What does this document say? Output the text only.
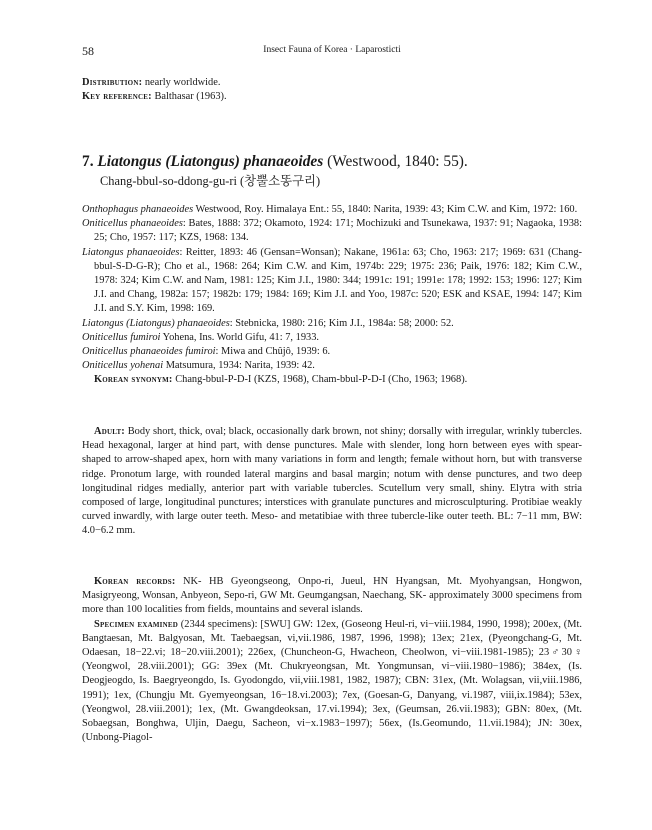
58	Insect Fauna of Korea · Laparosticti
Distribution: nearly worldwide.
Key reference: Balthasar (1963).
7. Liatongus (Liatongus) phanaeoides (Westwood, 1840: 55).
Chang-bbul-so-ddong-gu-ri (창뿔소똥구리)
Onthophagus phanaeoides Westwood, Roy. Himalaya Ent.: 55, 1840: Narita, 1939: 43; Kim C.W. and Kim, 1972: 160.
Oniticellus phanaeoides: Bates, 1888: 372; Okamoto, 1924: 171; Mochizuki and Tsunekawa, 1937: 91; Nagaoka, 1938: 25; Cho, 1957: 117; KZS, 1968: 134.
Liatongus phanaeoides: Reitter, 1893: 46 (Gensan=Wonsan); Nakane, 1961a: 63; Cho, 1963: 217; 1969: 631 (Chang-bbul-S-D-G-R); Cho et al., 1968: 264; Kim C.W. and Kim, 1974b: 229; 1975: 236; Paik, 1976: 182; Kim C.W., 1978: 324; Kim C.W. and Nam, 1981: 125; Kim J.I., 1980: 344; 1991c: 191; 1991e: 178; 1992: 153; 1996: 127; Kim J.I. and Chang, 1982a: 157; 1982b: 179; 1984: 169; Kim J.I. and Yoo, 1987c: 520; ESK and KSAE, 1994: 147; Kim J.I. and S.Y. Kim, 1998: 169.
Liatongus (Liatongus) phanaeoides: Stebnicka, 1980: 216; Kim J.I., 1984a: 58; 2000: 52.
Oniticellus fumiroi Yohena, Ins. World Gifu, 41: 7, 1933.
Oniticellus phanaeoides fumiroi: Miwa and Chûjô, 1939: 6.
Oniticellus yohenai Matsumura, 1934: Narita, 1939: 42.
Korean synonym: Chang-bbul-P-D-I (KZS, 1968), Cham-bbul-P-D-I (Cho, 1963; 1968).
Adult: Body short, thick, oval; black, occasionally dark brown, not shiny; dorsally with irregular, wrinkly tubercles. Head hexagonal, larger at hind part, with dense punctures. Male with slender, long horn between eyes with spear-shaped to arrow-shaped apex, horn with many variations in form and length; female without horn, but with transverse ridge. Pronotum large, with rounded lateral margins and basal margin; notum with dense punctures, and two deep longitudinal ridges medially, anterior part with variable tubercles. Scutellum very small, shiny. Elytra with stria composed of large, longitudinal punctures; interstices with granulate punctures and microsculpturing. Protibiae weakly curved inwardly, with large outer teeth. Meso- and metatibiae with three tubercle-like outer teeth. BL: 7−11 mm, BW: 4.0−6.2 mm.
Korean records: NK- HB Gyeongseong, Onpo-ri, Jueul, HN Hyangsan, Mt. Myohyangsan, Hongwon, Masigryeong, Wonsan, Anbyeon, Sepo-ri, GW Mt. Geumgangsan, Naechang, SK- approximately 3000 specimens from more than 100 localities from fields, mountains and several islands.
Specimen examined (2344 specimens): [SWU] GW: 12ex, (Goseong Heul-ri, vi−viii.1984, 1990, 1998); 200ex, (Mt. Bangtaesan, Mt. Balgyosan, Mt. Taebaegsan, vi,vii.1986, 1987, 1996, 1998); 13ex; 21ex, (Pyeongchang-G, Mt. Odaesan, 18−22.vi; 18−20.viii.2001); 226ex, (Chuncheon-G, Hwacheon, Cheolwon, vi−viii.1981-1985); 23♂30♀ (Yeongwol, 28.viii.2001); GG: 39ex (Mt. Chukryeongsan, Mt. Yongmunsan, vi−viii.1980−1986); 384ex, (Is. Deogjeogdo, Is. Baegryeongdo, Is. Gyodongdo, vii,viii.1981, 1982, 1987); CBN: 31ex, (Mt. Wolagsan, vii,viii.1986, 1991); 1ex, (Chungju Mt. Gyemyeongsan, 16−18.vi.2003); 7ex, (Goesan-G, Danyang, vi.1987, viii,ix.1984); 53ex, (Yeongwol, 28.viii.2001); 1ex, (Mt. Gwangdeoksan, 17.vi.1994); 3ex, (Geumsan, 26.vii.1983); GBN: 80ex, (Mt. Sobaegsan, Bonghwa, Uljin, Daegu, Sacheon, vi−x.1983−1997); 56ex, (Is.Geomundo, 11.vii.1984); JN: 30ex, (Unbong-Piagol-
